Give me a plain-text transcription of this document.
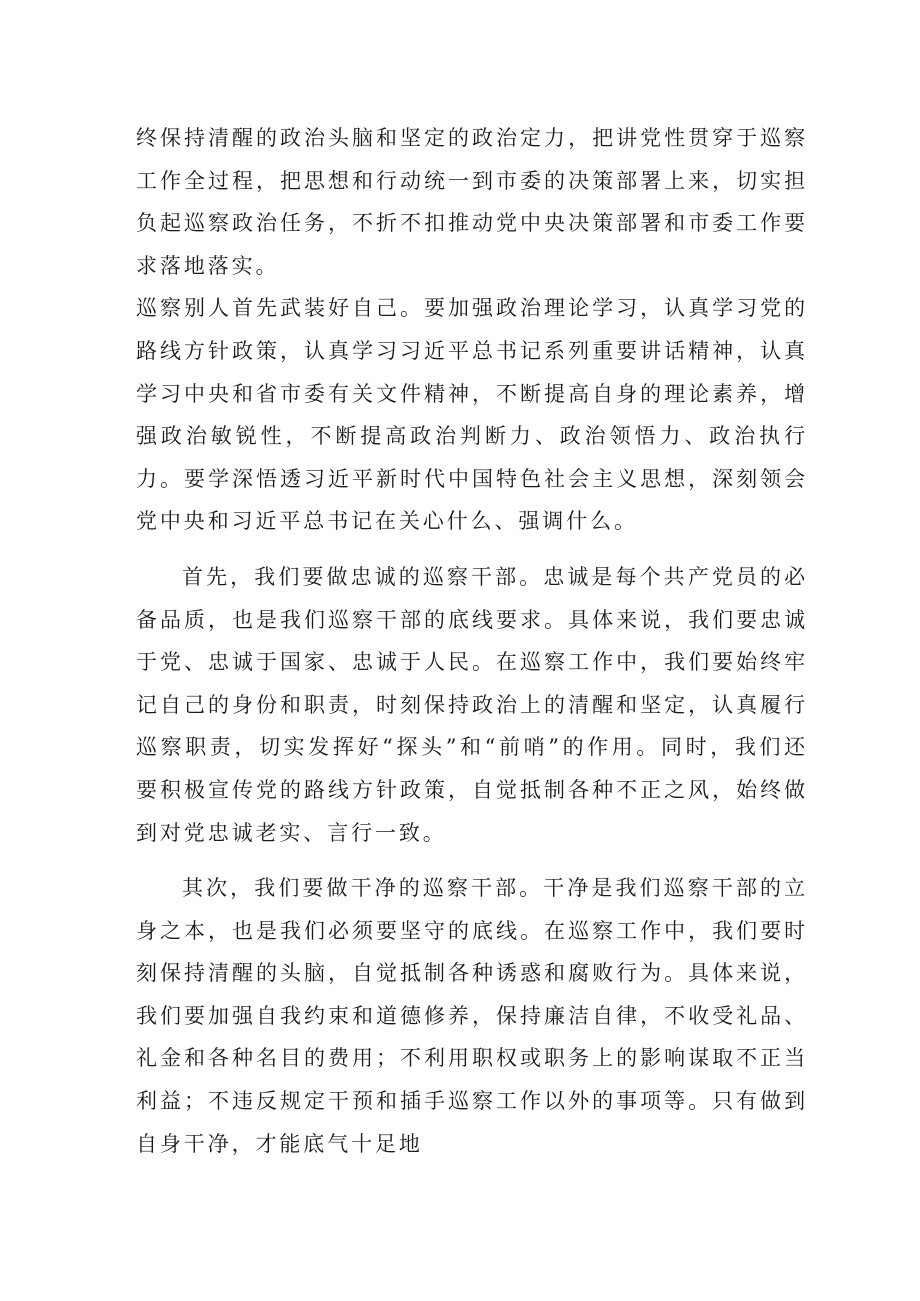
终保持清醒的政治头脑和坚定的政治定力，把讲党性贯穿于巡察工作全过程，把思想和行动统一到市委的决策部署上来，切实担负起巡察政治任务，不折不扣推动党中央决策部署和市委工作要求落地落实。

巡察别人首先武装好自己。要加强政治理论学习，认真学习党的路线方针政策，认真学习习近平总书记系列重要讲话精神，认真学习中央和省市委有关文件精神，不断提高自身的理论素养，增强政治敏锐性，不断提高政治判断力、政治领悟力、政治执行力。要学深悟透习近平新时代中国特色社会主义思想，深刻领会党中央和习近平总书记在关心什么、强调什么。

首先，我们要做忠诚的巡察干部。忠诚是每个共产党员的必备品质，也是我们巡察干部的底线要求。具体来说，我们要忠诚于党、忠诚于国家、忠诚于人民。在巡察工作中，我们要始终牢记自己的身份和职责，时刻保持政治上的清醒和坚定，认真履行巡察职责，切实发挥好“探头”和“前哨”的作用。同时，我们还要积极宣传党的路线方针政策，自觉抵制各种不正之风，始终做到对党忠诚老实、言行一致。

其次，我们要做干净的巡察干部。干净是我们巡察干部的立身之本，也是我们必须要坚守的底线。在巡察工作中，我们要时刻保持清醒的头脑，自觉抵制各种诱惑和腐败行为。具体来说，我们要加强自我约束和道德修养，保持廉洁自律，不收受礼品、礼金和各种名目的费用；不利用职权或职务上的影响谋取不正当利益；不违反规定干预和插手巡察工作以外的事项等。只有做到自身干净，才能底气十足地
